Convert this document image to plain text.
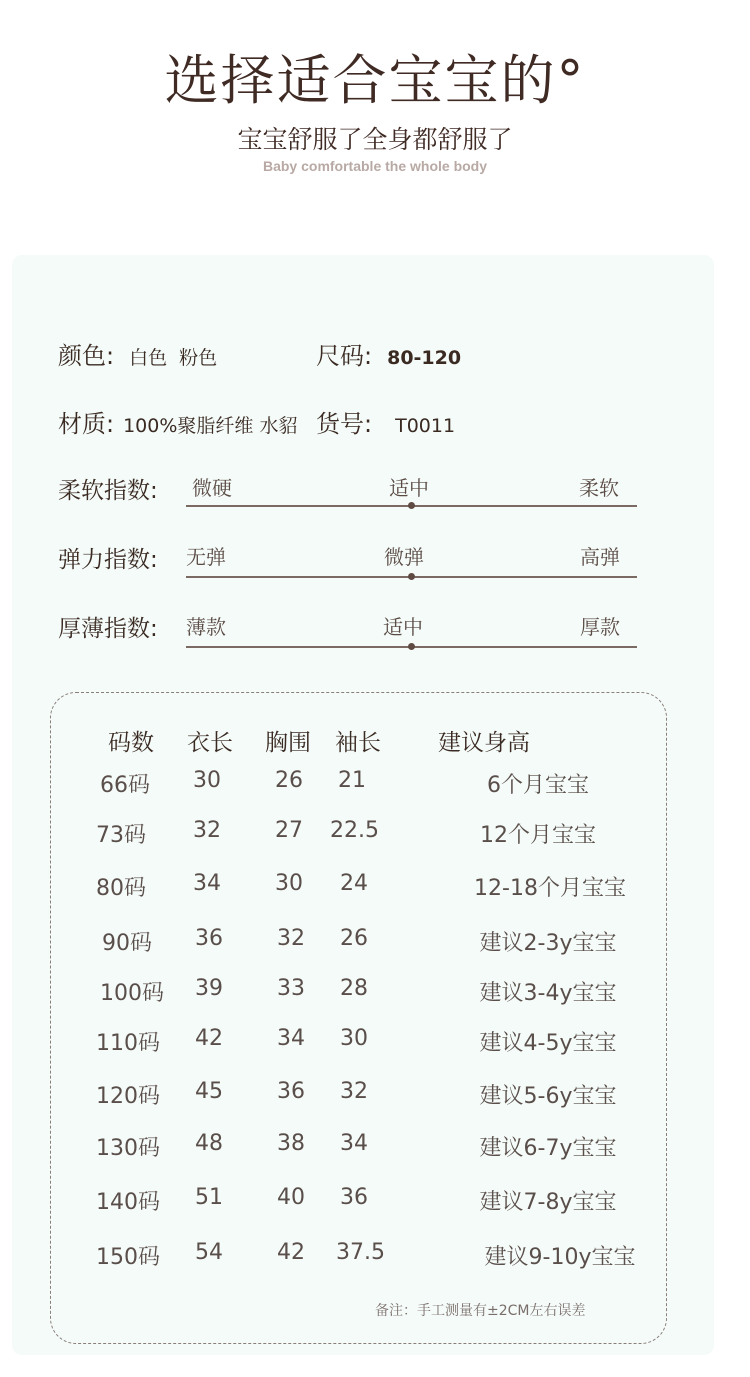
选择适合宝宝的°
宝宝舒服了全身都舒服了
Baby comfortable the whole body
颜色: 白色  粉色	尺码: 80-120
材质: 100%聚脂纤维 水貂 货号: T0011
柔软指数: 微硬	适中	柔软
弹力指数: 无弹	微弹	高弹
厚薄指数: 薄款	适中	厚款
码数 衣长 胸围 袖长 建议身高
66码 30 26 21	6个月宝宝
73码 32 27 22.5	12个月宝宝
80码 34 30 24	12-18个月宝宝
90码 36 32 26	建议2-3y宝宝
100码 39 33 28	建议3-4y宝宝
110码 42 34 30	建议4-5y宝宝
120码 45 36 32	建议5-6y宝宝
130码 48 38 34	建议6-7y宝宝
140码 51 40 36	建议7-8y宝宝
150码 54 42 37.5	建议9-10y宝宝
备注：手工测量有±2CM左右误差
